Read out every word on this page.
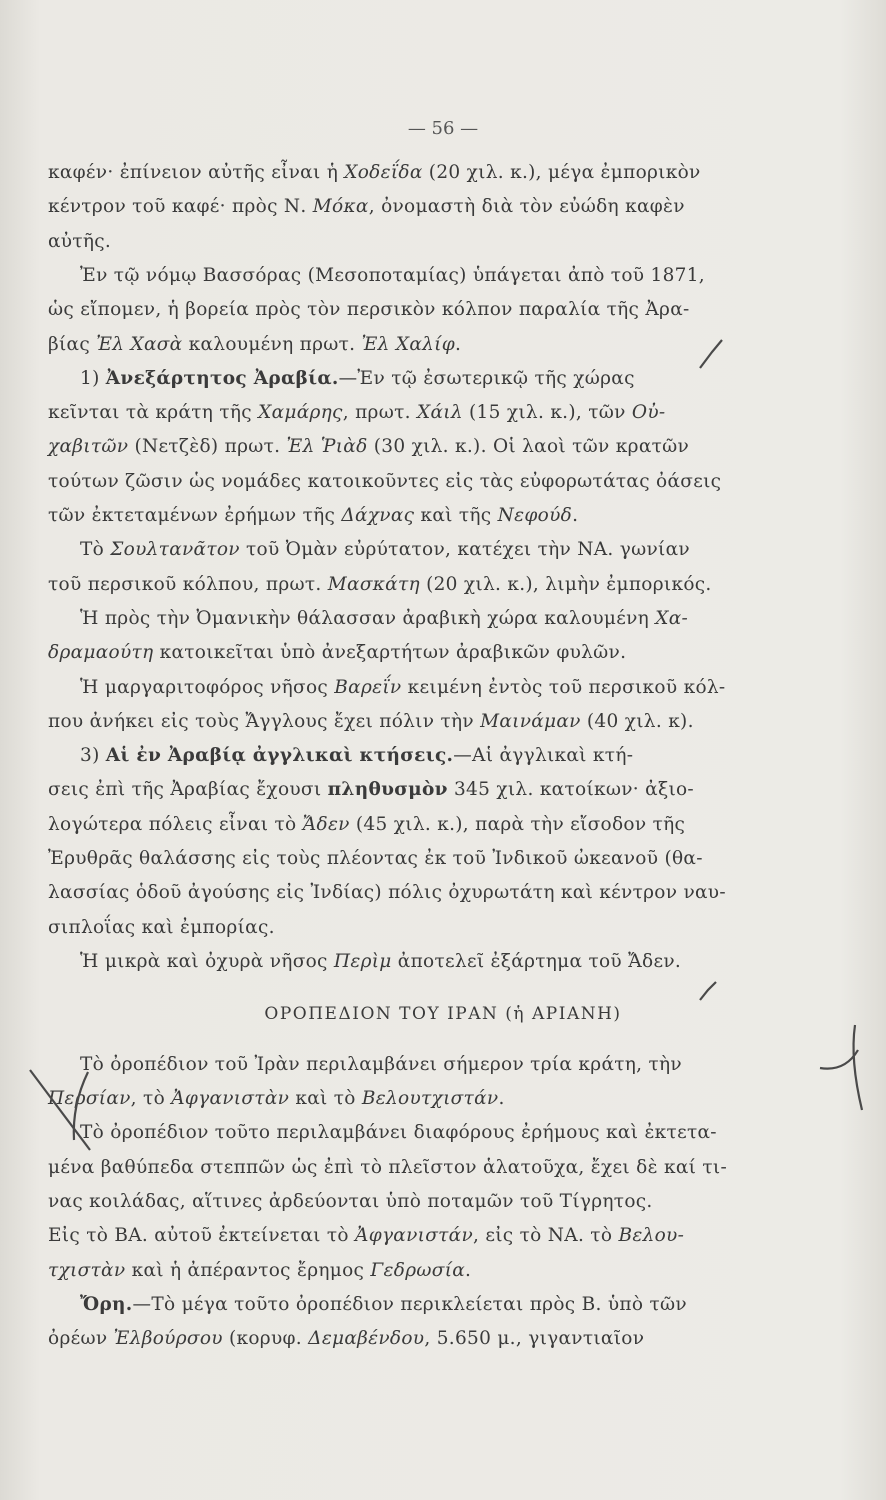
— 56 —
καφέν· ἐπίνειον αὐτῆς εἶναι ἡ Χοδεΐδα (20 χιλ. κ.), μέγα ἐμπορικὸν
κέντρον τοῦ καφέ· πρὸς Ν. Μόκα, ὀνομαστὴ διὰ τὸν εὐώδη καφὲν
αὐτῆς.
Ἐν τῷ νόμῳ Βασσόρας (Μεσοποταμίας) ὑπάγεται ἀπὸ τοῦ 1871,
ὡς εἴπομεν, ἡ βορεία πρὸς τὸν περσικὸν κόλπον παραλία τῆς Ἀρα-
βίας Ἐλ Χασὰ καλουμένη πρωτ. Ἐλ Χαλίφ.
1) Ἀνεξάρτητος Ἀραβία.—Ἐν τῷ ἐσωτερικῷ τῆς χώρας
κεῖνται τὰ κράτη τῆς Χαμάρης, πρωτ. Χάιλ (15 χιλ. κ.), τῶν Οὐ-
χαβιτῶν (Νετζὲδ) πρωτ. Ἐλ Ῥιὰδ (30 χιλ. κ.). Οἱ λαοὶ τῶν κρατῶν
τούτων ζῶσιν ὡς νομάδες κατοικοῦντες εἰς τὰς εὐφορωτάτας ὀάσεις
τῶν ἐκτεταμένων ἐρήμων τῆς Δάχνας καὶ τῆς Νεφούδ.
Τὸ Σουλτανᾶτον τοῦ Ὀμὰν εὐρύτατον, κατέχει τὴν ΝΑ. γωνίαν
τοῦ περσικοῦ κόλπου, πρωτ. Μασκάτη (20 χιλ. κ.), λιμὴν ἐμπορικός.
Ἡ πρὸς τὴν Ὀμανικὴν θάλασσαν ἀραβικὴ χώρα καλουμένη Χα-
δραμαούτη κατοικεῖται ὑπὸ ἀνεξαρτήτων ἀραβικῶν φυλῶν.
Ἡ μαργαριτοφόρος νῆσος Βαρεΐν κειμένη ἐντὸς τοῦ περσικοῦ κόλ-
που ἀνήκει εἰς τοὺς Ἄγγλους ἔχει πόλιν τὴν Μαινάμαν (40 χιλ. κ).
3) Αἱ ἐν Ἀραβίᾳ ἀγγλικαὶ κτήσεις.—Αἱ ἀγγλικαὶ κτή-
σεις ἐπὶ τῆς Ἀραβίας ἔχουσι πληθυσμὸν 345 χιλ. κατοίκων· ἀξιο-
λογώτερα πόλεις εἶναι τὸ Ἄδεν (45 χιλ. κ.), παρὰ τὴν εἴσοδον τῆς
Ἐρυθρᾶς θαλάσσης εἰς τοὺς πλέοντας ἐκ τοῦ Ἰνδικοῦ ὠκεανοῦ (θα-
λασσίας ὁδοῦ ἀγούσης εἰς Ἰνδίας) πόλις ὀχυρωτάτη καὶ κέντρον ναυ-
σιπλοΐας καὶ ἐμπορίας.
Ἡ μικρὰ καὶ ὀχυρὰ νῆσος Περὶμ ἀποτελεῖ ἐξάρτημα τοῦ Ἄδεν.
ΟΡΟΠΕΔΙΟΝ ΤΟΥ ΙΡΑΝ (ἡ ΑΡΙΑΝΗ)
Τὸ ὀροπέδιον τοῦ Ἰρὰν περιλαμβάνει σήμερον τρία κράτη, τὴν
Περσίαν, τὸ Ἀφγανιστὰν καὶ τὸ Βελουτχιστάν.
Τὸ ὀροπέδιον τοῦτο περιλαμβάνει διαφόρους ἐρήμους καὶ ἐκτετα-
μένα βαθύπεδα στεππῶν ὡς ἐπὶ τὸ πλεῖστον ἁλατοῦχα, ἔχει δὲ καί τι-
νας κοιλάδας, αἵτινες ἀρδεύονται ὑπὸ ποταμῶν τοῦ Τίγρητος.
Εἰς τὸ ΒΑ. αὐτοῦ ἐκτείνεται τὸ Ἀφγανιστάν, εἰς τὸ ΝΑ. τὸ Βελου-
τχιστὰν καὶ ἡ ἀπέραντος ἔρημος Γεδρωσία.
Ὄρη.—Τὸ μέγα τοῦτο ὀροπέδιον περικλείεται πρὸς Β. ὑπὸ τῶν
ὀρέων Ἐλβούρσου (κορυφ. Δεμαβένδου, 5.650 μ., γιγαντιαῖον
